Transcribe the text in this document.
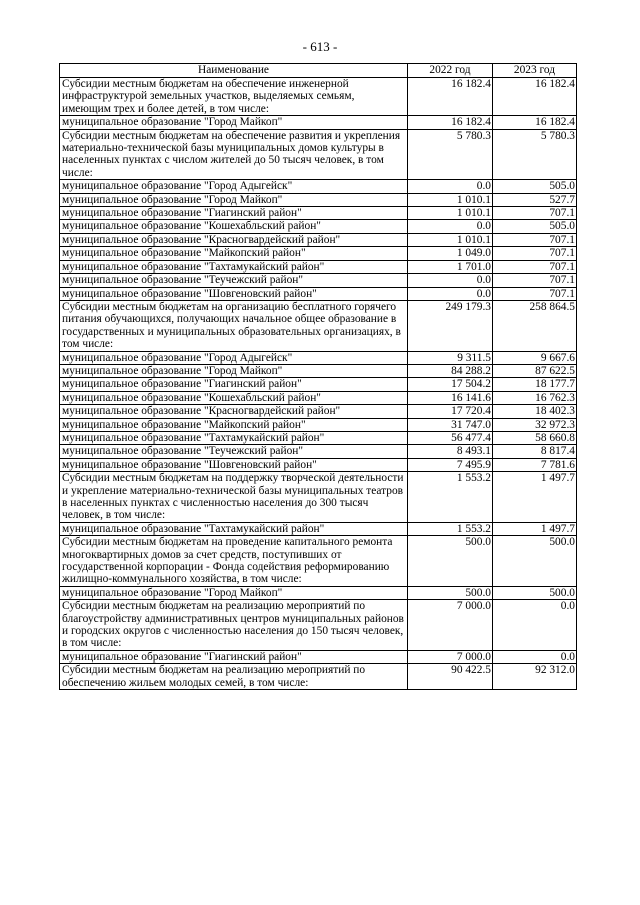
- 613 -
Наименование	2022 год	2023 год
Субсидии местным бюджетам на обеспечение инженерной инфраструктурой земельных участков, выделяемых семьям, имеющим трех и более детей, в том числе:	16 182.4	16 182.4
муниципальное образование "Город Майкоп"	16 182.4	16 182.4
Субсидии местным бюджетам на обеспечение развития и укрепления материально-технической базы муниципальных домов культуры в населенных пунктах с числом жителей до 50 тысяч человек, в том числе:	5 780.3	5 780.3
муниципальное образование "Город Адыгейск"	0.0	505.0
муниципальное образование "Город Майкоп"	1 010.1	527.7
муниципальное образование "Гиагинский район"	1 010.1	707.1
муниципальное образование "Кошехабльский район"	0.0	505.0
муниципальное образование "Красногвардейский район"	1 010.1	707.1
муниципальное образование "Майкопский район"	1 049.0	707.1
муниципальное образование "Тахтамукайский район"	1 701.0	707.1
муниципальное образование "Теучежский район"	0.0	707.1
муниципальное образование "Шовгеновский район"	0.0	707.1
Субсидии местным бюджетам на организацию бесплатного горячего питания обучающихся, получающих начальное общее образование в государственных и муниципальных образовательных организациях, в том числе:	249 179.3	258 864.5
муниципальное образование "Город Адыгейск"	9 311.5	9 667.6
муниципальное образование "Город Майкоп"	84 288.2	87 622.5
муниципальное образование "Гиагинский район"	17 504.2	18 177.7
муниципальное образование "Кошехабльский район"	16 141.6	16 762.3
муниципальное образование "Красногвардейский район"	17 720.4	18 402.3
муниципальное образование "Майкопский район"	31 747.0	32 972.3
муниципальное образование "Тахтамукайский район"	56 477.4	58 660.8
муниципальное образование "Теучежский район"	8 493.1	8 817.4
муниципальное образование "Шовгеновский район"	7 495.9	7 781.6
Субсидии местным бюджетам на поддержку творческой деятельности и укрепление материально-технической базы муниципальных театров в населенных пунктах с численностью населения до 300 тысяч человек, в том числе:	1 553.2	1 497.7
муниципальное образование "Тахтамукайский район"	1 553.2	1 497.7
Субсидии местным бюджетам на проведение капитального ремонта многоквартирных домов за счет средств, поступивших от государственной корпорации - Фонда содействия реформированию жилищно-коммунального хозяйства, в том числе:	500.0	500.0
муниципальное образование "Город Майкоп"	500.0	500.0
Субсидии местным бюджетам на реализацию мероприятий по благоустройству административных центров муниципальных районов и городских округов с численностью населения до 150 тысяч человек, в том числе:	7 000.0	0.0
муниципальное образование "Гиагинский район"	7 000.0	0.0
Субсидии местным бюджетам на реализацию мероприятий по обеспечению жильем молодых семей, в том числе:	90 422.5	92 312.0
